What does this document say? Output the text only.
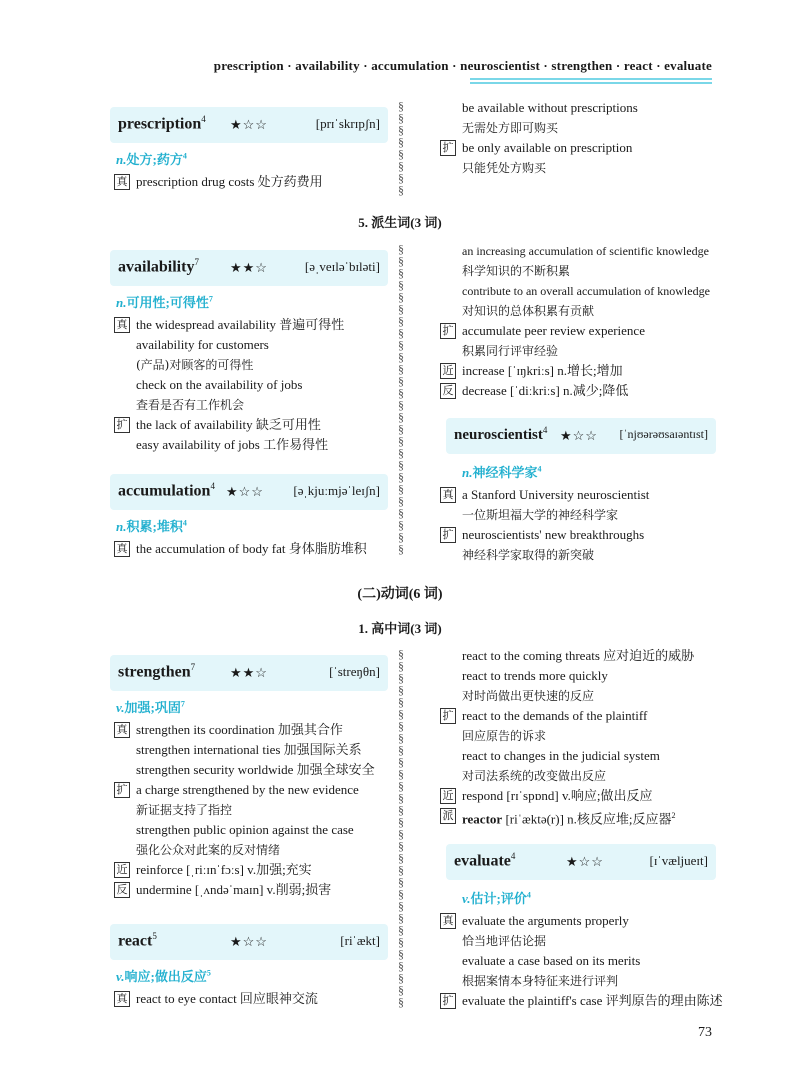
prescription · availability · accumulation · neuroscientist · strengthen · react · evaluate
prescription$^4$ ★☆☆	[prɪˈskrɪpʃn]
n.处方;药方$^4$
真 prescription drug costs 处方药费用
be available without prescriptions
无需处方即可购买
扩 be only available on prescription
只能凭处方购买
5. 派生词(3 词)
availability$^7$ ★★☆	[əˌveɪləˈbɪləti]
n.可用性;可得性$^7$
真 the widespread availability 普遍可得性
availability for customers
(产品)对顾客的可得性
check on the availability of jobs
查看是否有工作机会
扩 the lack of availability 缺乏可用性
easy availability of jobs 工作易得性
accumulation$^4$ ★☆☆ [əˌkjuːmjəˈleɪʃn]
n.积累;堆积$^4$
真 the accumulation of body fat 身体脂肪堆积
an increasing accumulation of scientific knowledge
科学知识的不断积累
contribute to an overall accumulation of knowledge
对知识的总体积累有贡献
扩 accumulate peer review experience
积累同行评审经验
近 increase [ˈɪŋkriːs] n.增长;增加
反 decrease [ˈdiːkriːs] n.减少;降低
neuroscientist$^4$ ★☆☆ [ˈnjʊərəʊsaɪəntɪst]
n.神经科学家$^4$
真 a Stanford University neuroscientist
一位斯坦福大学的神经科学家
扩 neuroscientists' new breakthroughs
神经科学家取得的新突破
(二)动词(6 词)
1. 高中词(3 词)
strengthen$^7$	★★☆	[ˈstreŋθn]
v.加强;巩固$^7$
真 strengthen its coordination 加强其合作
strengthen international ties 加强国际关系
strengthen security worldwide 加强全球安全
扩 a charge strengthened by the new evidence
新证据支持了指控
strengthen public opinion against the case
强化公众对此案的反对情绪
近 reinforce [ˌriːɪnˈfɔːs] v.加强;充实
反 undermine [ˌʌndəˈmaɪn] v.削弱;损害
react$^5$	★☆☆	[riˈækt]
v.响应;做出反应$^5$
真 react to eye contact 回应眼神交流
react to the coming threats 应对迫近的威胁
react to trends more quickly
对时尚做出更快速的反应
扩 react to the demands of the plaintiff
回应原告的诉求
react to changes in the judicial system
对司法系统的改变做出反应
近 respond [rɪˈspɒnd] v.响应;做出反应
派 reactor [riˈæktə(r)] n.核反应堆;反应器$^2$
evaluate$^4$	★☆☆	[ɪˈvæljueɪt]
v.估计;评价$^4$
真 evaluate the arguments properly
恰当地评估论据
evaluate a case based on its merits
根据案情本身特征来进行评判
扩 evaluate the plaintiff's case 评判原告的理由陈述
§
§
§
§
§
§
§
§
§
§
§
§
§
§
§
§
§
§
§
§
§
§
§
§
§
§
§
§
§
§
§
§
§
§
§
§
§
§
§
§
§
§
§
§
§
§
§
§
§
§
§
§
§
§
§
§
§
§
§
§
§
§
§
§
73
